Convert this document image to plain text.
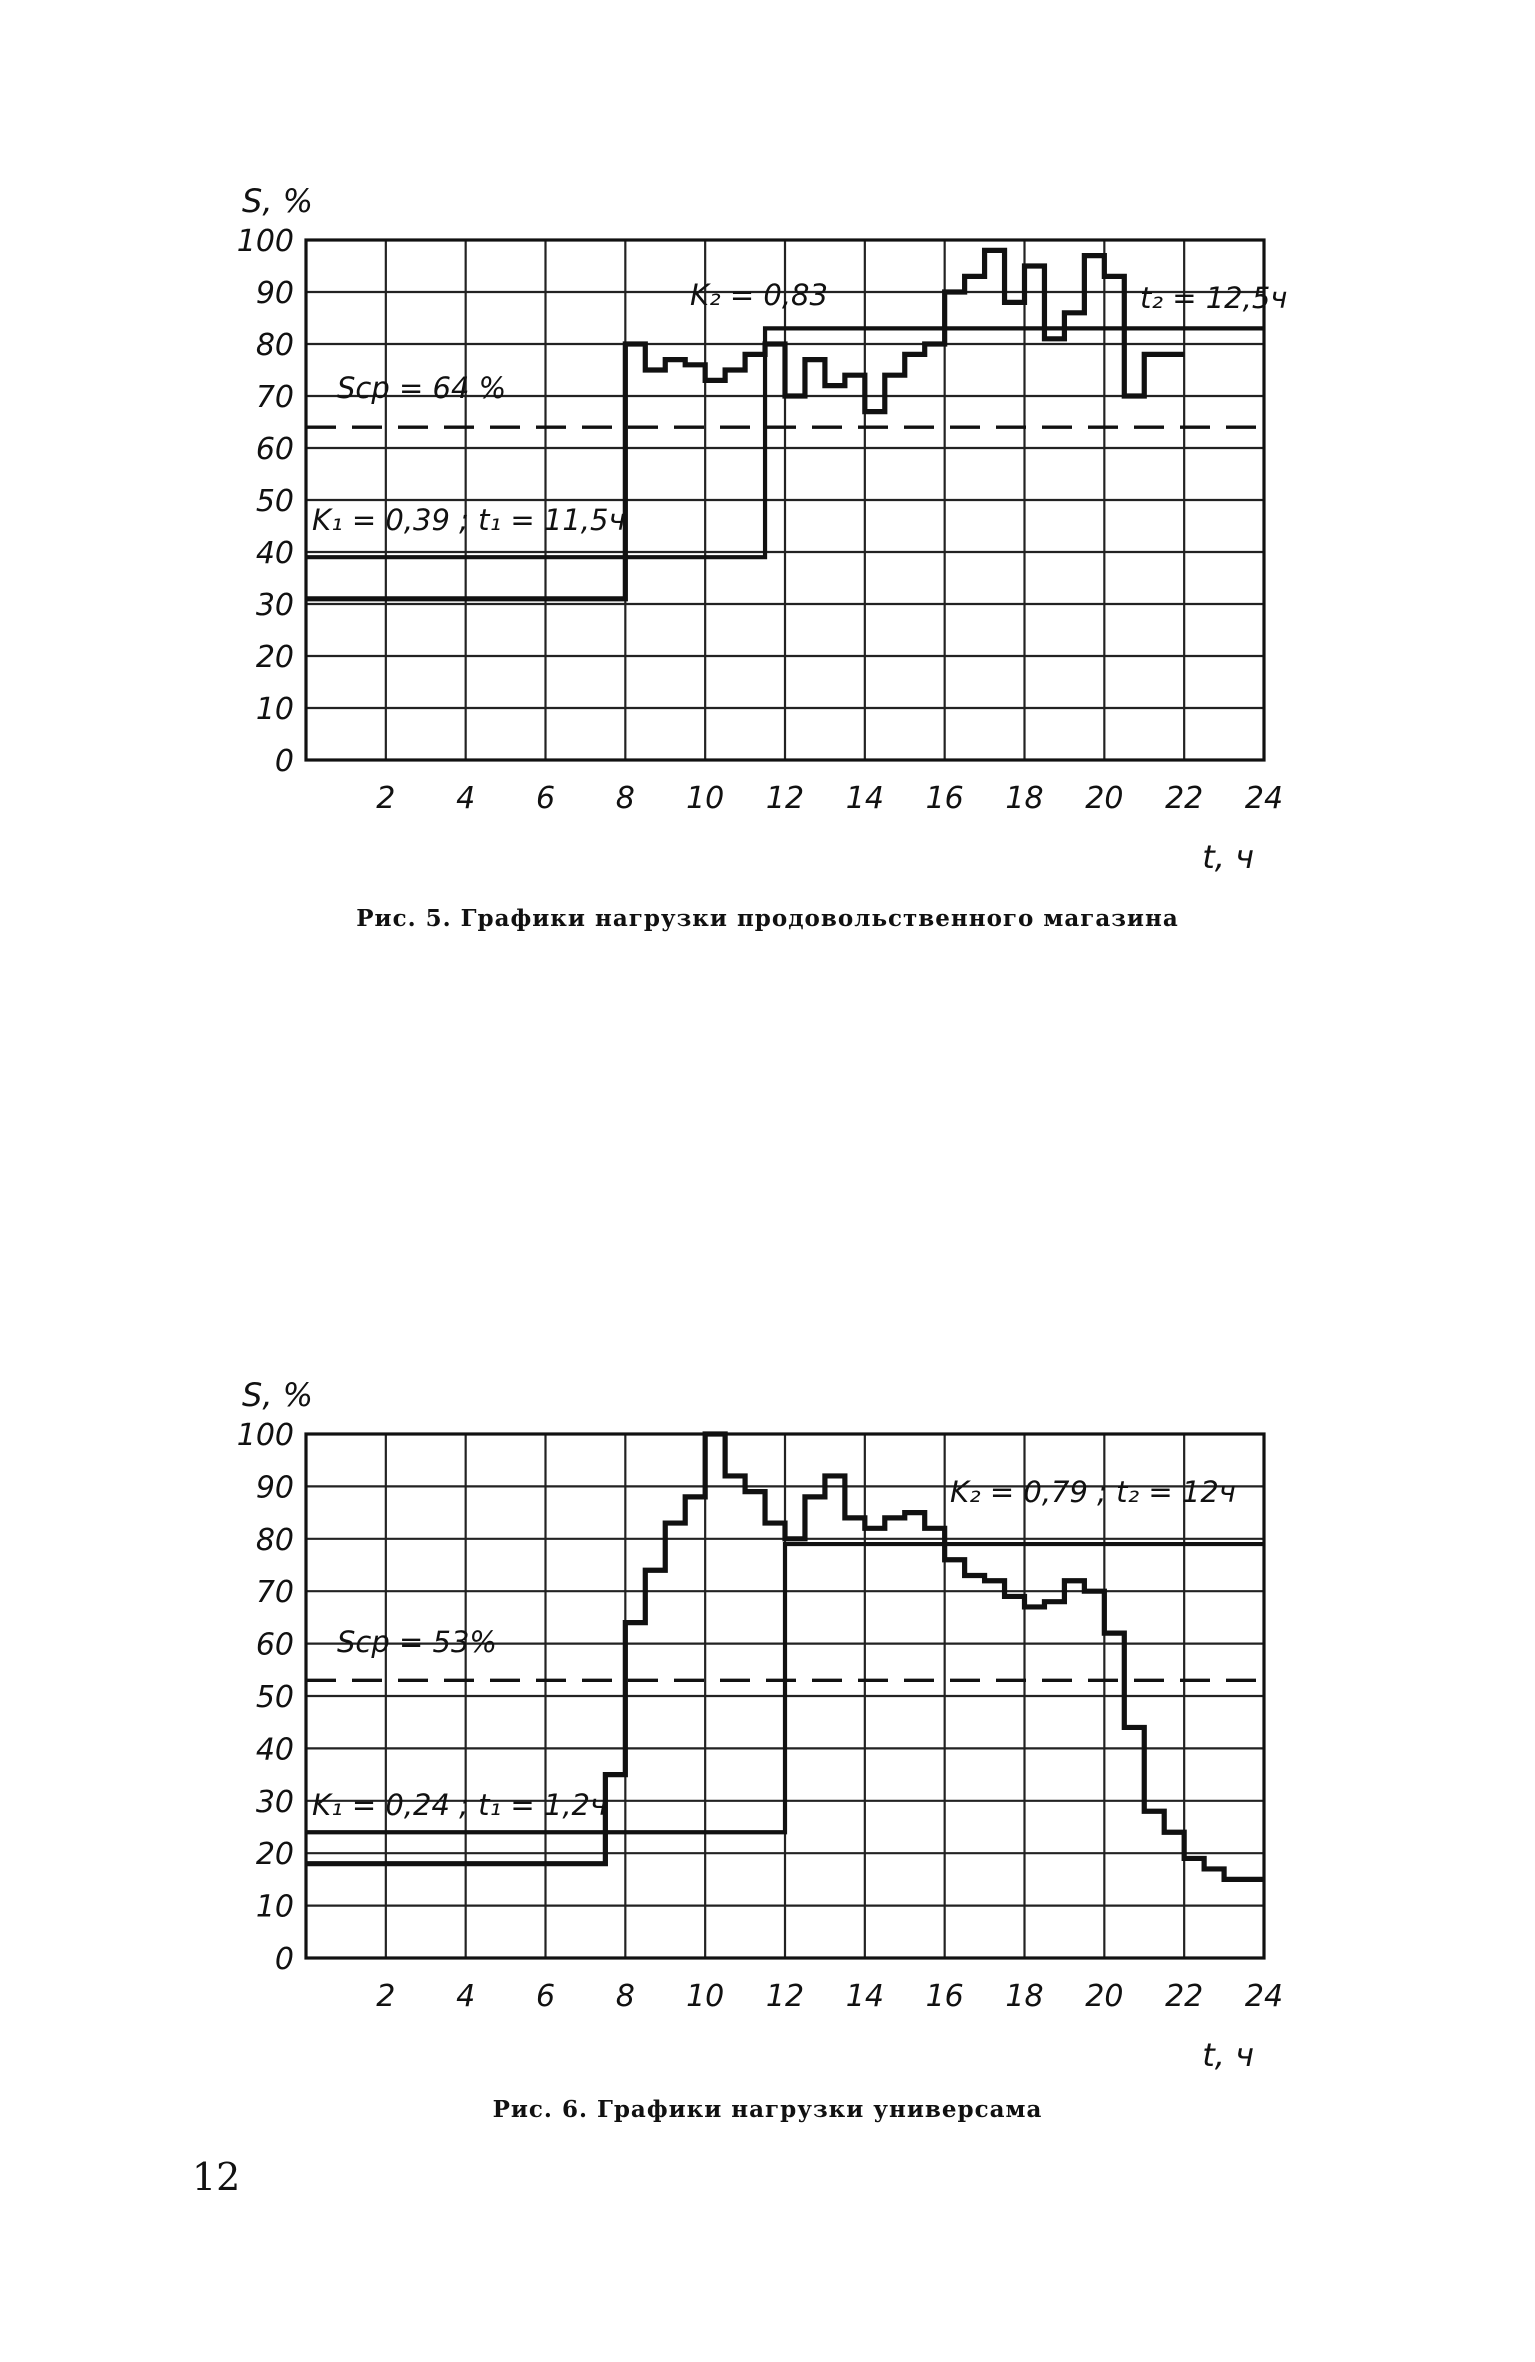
0
10
20
30
40
50
60
70
80
90
100
2 4 6 8 10 12 14 16 18 20 22 24
S, %
t, ч
Sср = 64 %
K₁ = 0,39 ; t₁ = 11,5ч
K₂ = 0,83	t₂ = 12,5ч
Рис. 5. Графики нагрузки продовольственного магазина
0
10
20
30
40
50
60
70
80
90
100
2 4 6 8 10 12 14 16 18 20 22 24
S, %
t, ч
Sср = 53%
K₁ = 0,24 ; t₁ = 1,2ч
K₂ = 0,79 ; t₂ = 12ч
Рис. 6. Графики нагрузки универсама
12
